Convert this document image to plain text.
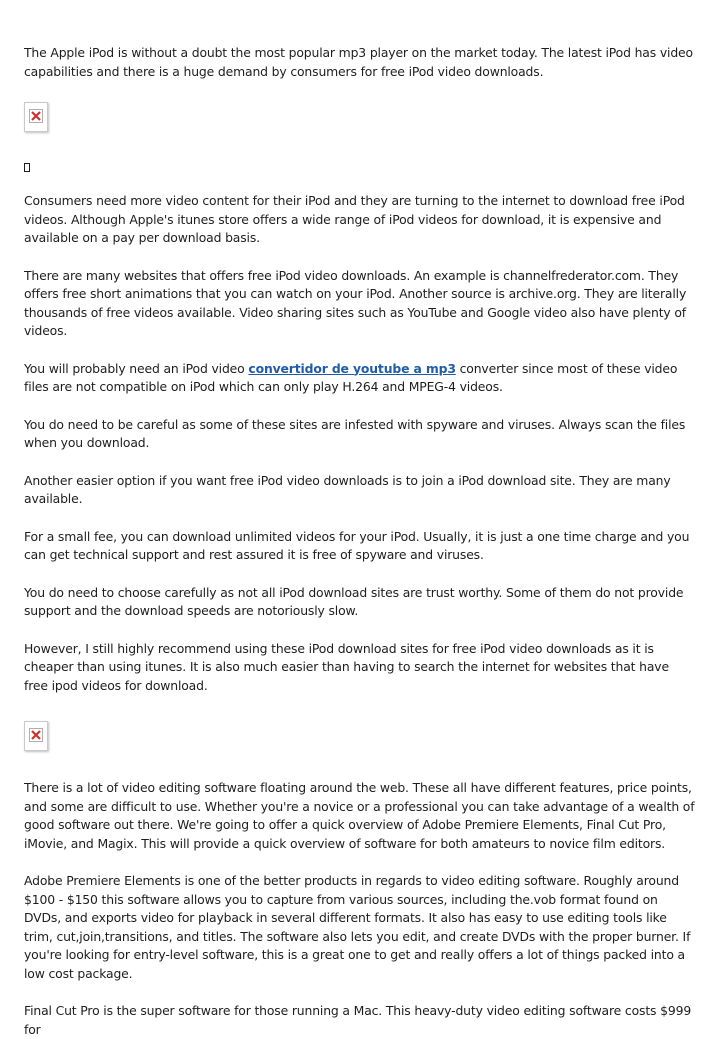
The Apple iPod is without a doubt the most popular mp3 player on the market today. The latest iPod has video capabilities and there is a huge demand by consumers for free iPod video downloads.

Consumers need more video content for their iPod and they are turning to the internet to download free iPod videos. Although Apple's itunes store offers a wide range of iPod videos for download, it is expensive and available on a pay per download basis.

There are many websites that offers free iPod video downloads. An example is channelfrederator.com. They offers free short animations that you can watch on your iPod. Another source is archive.org. They are literally thousands of free videos available. Video sharing sites such as YouTube and Google video also have plenty of videos.

You will probably need an iPod video convertidor de youtube a mp3 converter since most of these video files are not compatible on iPod which can only play H.264 and MPEG-4 videos.

You do need to be careful as some of these sites are infested with spyware and viruses. Always scan the files when you download.

Another easier option if you want free iPod video downloads is to join a iPod download site. They are many available.

For a small fee, you can download unlimited videos for your iPod. Usually, it is just a one time charge and you can get technical support and rest assured it is free of spyware and viruses.

You do need to choose carefully as not all iPod download sites are trust worthy. Some of them do not provide support and the download speeds are notoriously slow.

However, I still highly recommend using these iPod download sites for free iPod video downloads as it is cheaper than using itunes. It is also much easier than having to search the internet for websites that have free ipod videos for download.

There is a lot of video editing software floating around the web. These all have different features, price points, and some are difficult to use. Whether you're a novice or a professional you can take advantage of a wealth of good software out there. We're going to offer a quick overview of Adobe Premiere Elements, Final Cut Pro, iMovie, and Magix. This will provide a quick overview of software for both amateurs to novice film editors.

Adobe Premiere Elements is one of the better products in regards to video editing software. Roughly around $100 - $150 this software allows you to capture from various sources, including the.vob format found on DVDs, and exports video for playback in several different formats. It also has easy to use editing tools like trim, cut,join,transitions, and titles. The software also lets you edit, and create DVDs with the proper burner. If you're looking for entry-level software, this is a great one to get and really offers a lot of things packed into a low cost package.

Final Cut Pro is the super software for those running a Mac. This heavy-duty video editing software costs $999 for
